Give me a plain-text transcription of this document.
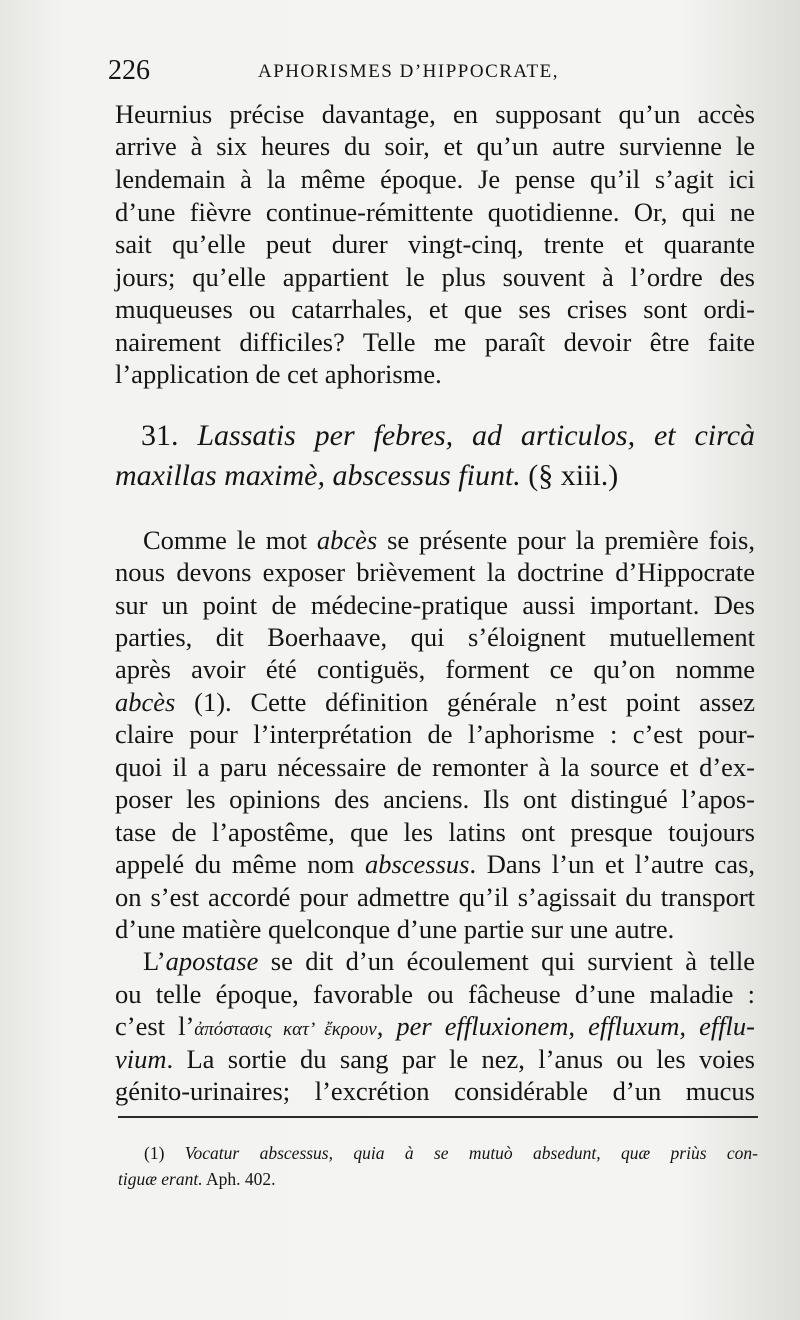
226	APHORISMES D’HIPPOCRATE,
Heurnius précise davantage, en supposant qu’un accès
arrive à six heures du soir, et qu’un autre survienne le
lendemain à la même époque. Je pense qu’il s’agit ici
d’une fièvre continue-rémittente quotidienne. Or, qui ne
sait qu’elle peut durer vingt-cinq, trente et quarante
jours; qu’elle appartient le plus souvent à l’ordre des
muqueuses ou catarrhales, et que ses crises sont ordi-
nairement difficiles? Telle me paraît devoir être faite
l’application de cet aphorisme.
31. Lassatis per febres, ad articulos, et circà
maxillas maximè, abscessus fiunt. (§ xiii.)
Comme le mot abcès se présente pour la première fois,
nous devons exposer brièvement la doctrine d’Hippocrate
sur un point de médecine-pratique aussi important. Des
parties, dit Boerhaave, qui s’éloignent mutuellement
après avoir été contiguës, forment ce qu’on nomme
abcès (1). Cette définition générale n’est point assez
claire pour l’interprétation de l’aphorisme : c’est pour-
quoi il a paru nécessaire de remonter à la source et d’ex-
poser les opinions des anciens. Ils ont distingué l’apos-
tase de l’apostême, que les latins ont presque toujours
appelé du même nom abscessus. Dans l’un et l’autre cas,
on s’est accordé pour admettre qu’il s’agissait du transport
d’une matière quelconque d’une partie sur une autre.
L’apostase se dit d’un écoulement qui survient à telle
ou telle époque, favorable ou fâcheuse d’une maladie :
c’est l’ἀπόστασις κατ’ ἔκρουν, per effluxionem, effluxum, efflu-
vium. La sortie du sang par le nez, l’anus ou les voies
génito-urinaires; l’excrétion considérable d’un mucus
(1) Vocatur abscessus, quia à se mutuò absedunt, quæ priùs con-
tiguæ erant. Aph. 402.
